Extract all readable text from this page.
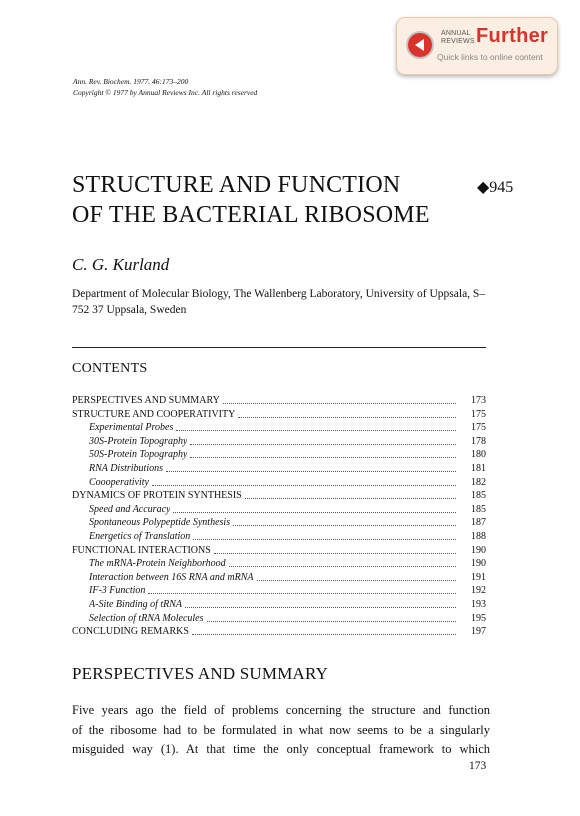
ANNUAL
REVIEWS Further
Quick links to online content
Ann. Rev. Biochem. 1977. 46:173–200
Copyright © 1977 by Annual Reviews Inc. All rights reserved
STRUCTURE AND FUNCTION
OF THE BACTERIAL RIBOSOME
◆945
C. G. Kurland
Department of Molecular Biology, The Wallenberg Laboratory, University of Uppsala, S–752 37 Uppsala, Sweden
CONTENTS
PERSPECTIVES AND SUMMARY	173
STRUCTURE AND COOPERATIVITY	175
Experimental Probes	175
30S-Protein Topography	178
50S-Protein Topography	180
RNA Distributions	181
Coooperativity	182
DYNAMICS OF PROTEIN SYNTHESIS	185
Speed and Accuracy	185
Spontaneous Polypeptide Synthesis	187
Energetics of Translation	188
FUNCTIONAL INTERACTIONS	190
The mRNA-Protein Neighborhood	190
Interaction between 16S RNA and mRNA	191
IF-3 Function	192
A-Site Binding of tRNA	193
Selection of tRNA Molecules	195
CONCLUDING REMARKS	197
PERSPECTIVES AND SUMMARY
Five years ago the field of problems concerning the structure and function
of the ribosome had to be formulated in what now seems to be a singularly
misguided way (1). At that time the only conceptual framework to which
173
